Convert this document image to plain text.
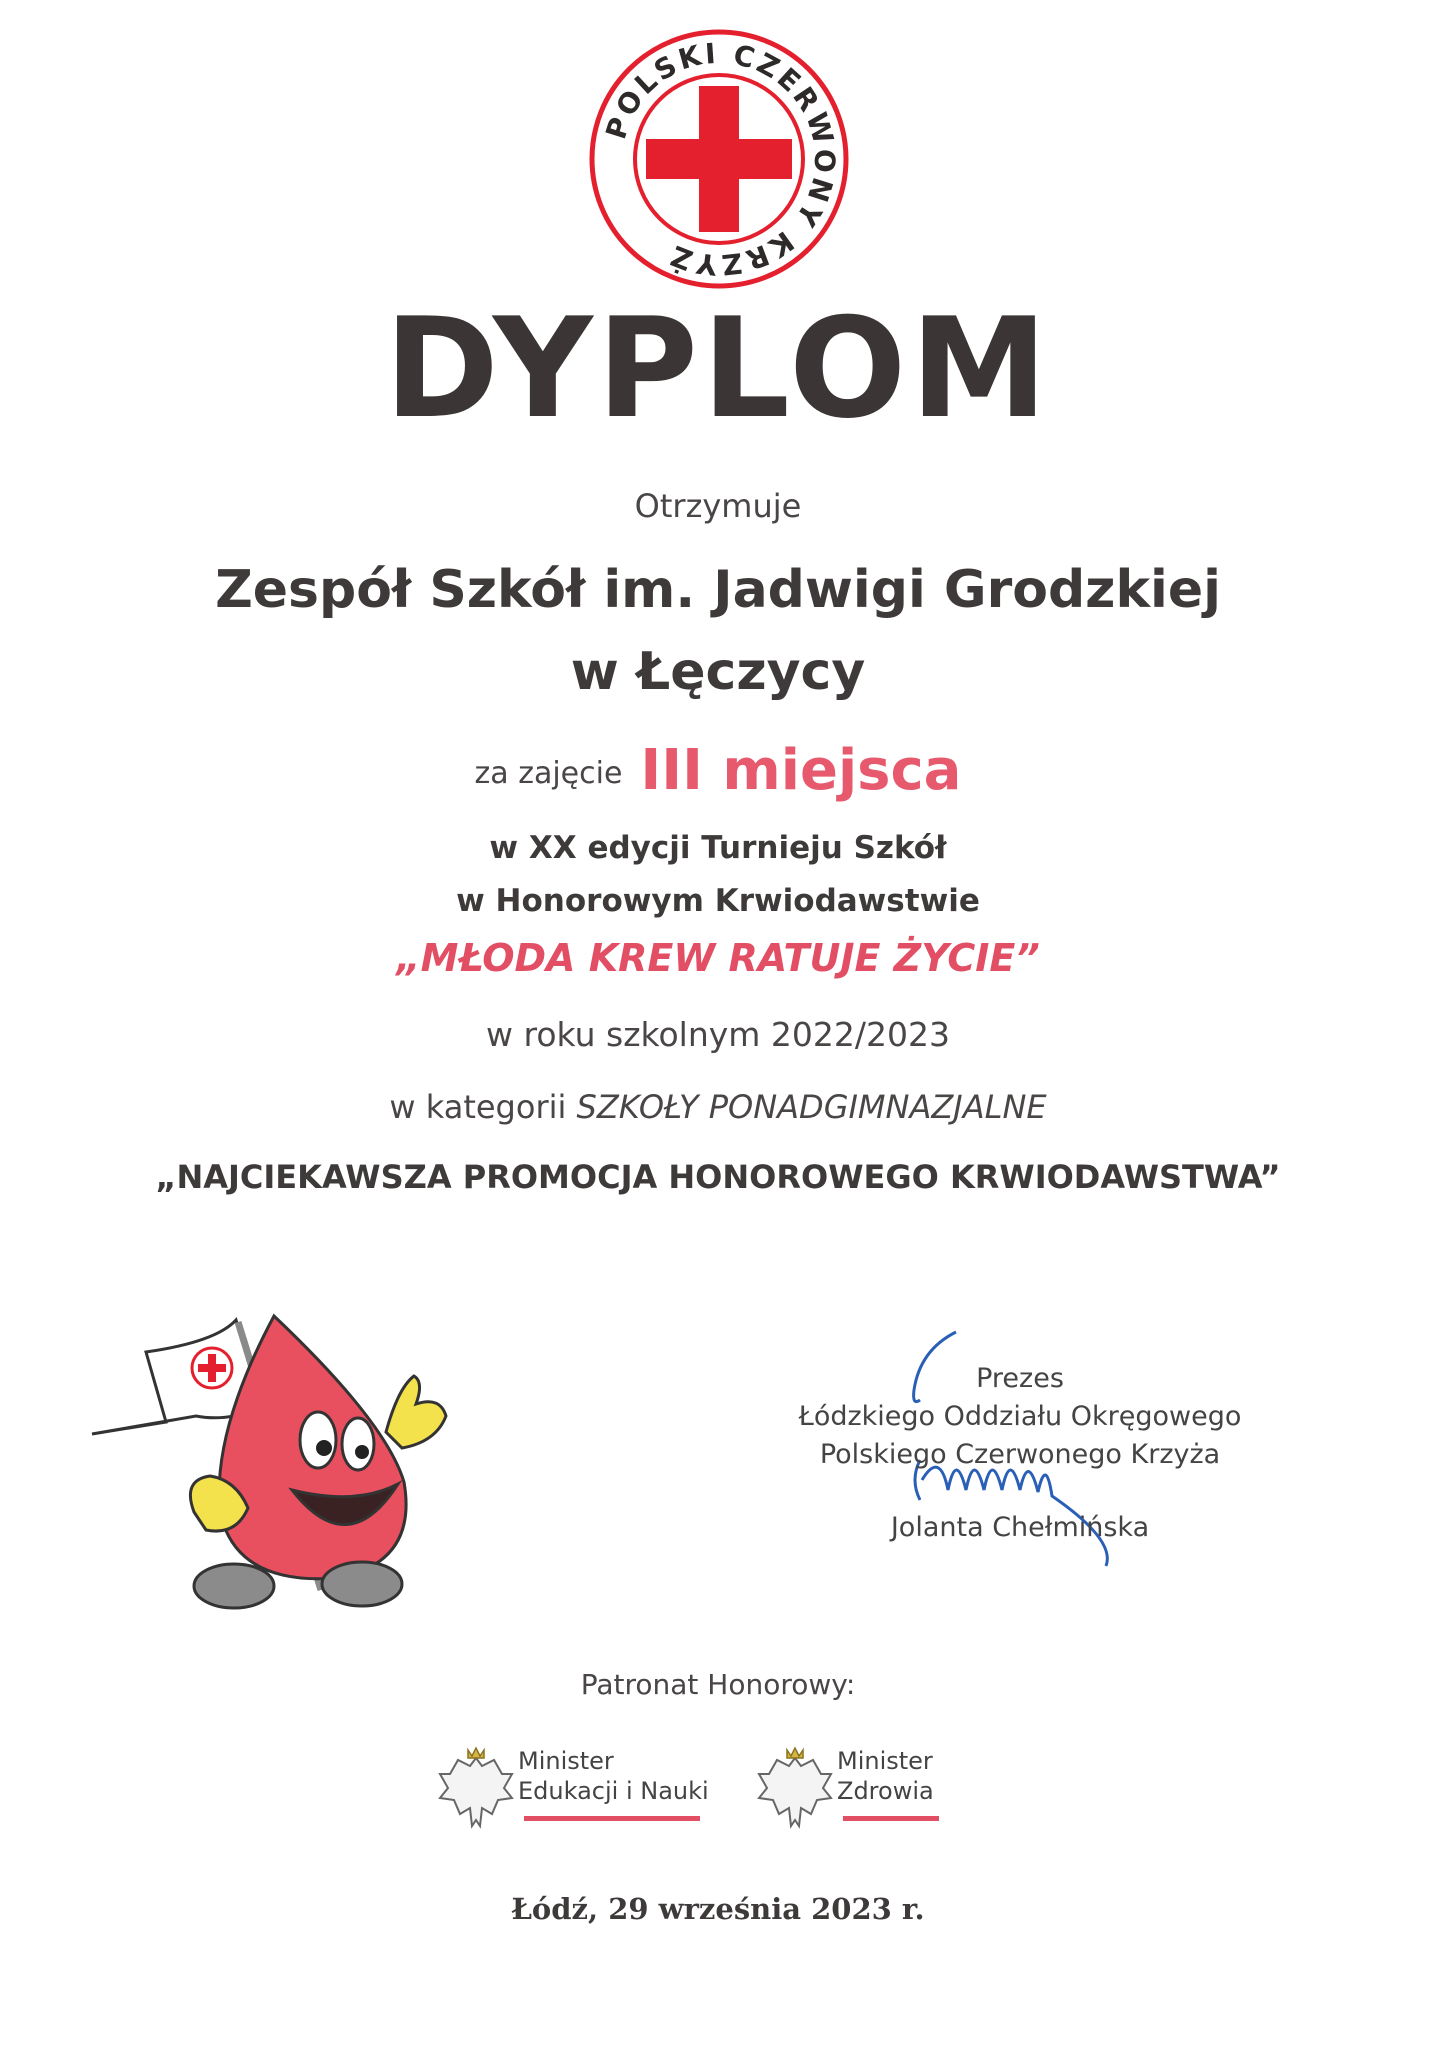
POLSKI CZERWONY KRZYŻ
DYPLOM
Otrzymuje
Zespół Szkół im. Jadwigi Grodzkiej
w Łęczycy
za zajęcie III miejsca
w XX edycji Turnieju Szkół
w Honorowym Krwiodawstwie
„MŁODA KREW RATUJE ŻYCIE”
w roku szkolnym 2022/2023
w kategorii SZKOŁY PONADGIMNAZJALNE
„NAJCIEKAWSZA PROMOCJA HONOROWEGO KRWIODAWSTWA”
Prezes
Łódzkiego Oddziału Okręgowego
Polskiego Czerwonego Krzyża
Jolanta Chełmińska
Patronat Honorowy:
Minister
Edukacji i Nauki
Minister
Zdrowia
Łódź, 29 września 2023 r.
